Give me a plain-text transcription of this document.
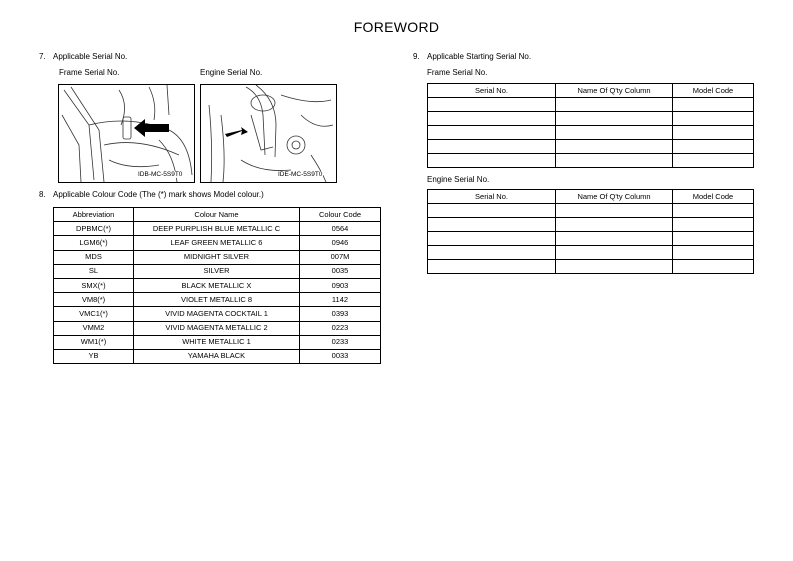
FOREWORD
7. Applicable Serial No.
Frame Serial No.	Engine Serial No.
IDB-MC-5S9T0	IDE-MC-5S9T0
8. Applicable Colour Code (The (*) mark shows Model colour.)
Abbreviation	Colour Name	Colour Code
DPBMC(*)	DEEP PURPLISH BLUE METALLIC C	0564
LGM6(*)	LEAF GREEN METALLIC 6	0946
MDS	MIDNIGHT SILVER	007M
SL	SILVER	0035
SMX(*)	BLACK METALLIC X	0903
VM8(*)	VIOLET METALLIC 8	1142
VMC1(*)	VIVID MAGENTA COCKTAIL 1	0393
VMM2	VIVID MAGENTA METALLIC 2	0223
WM1(*)	WHITE METALLIC 1	0233
YB	YAMAHA BLACK	0033
9. Applicable Starting Serial No.
Frame Serial No.
Serial No.	Name Of Q'ty Column	Model Code

Engine Serial No.
Serial No.	Name Of Q'ty Column	Model Code
